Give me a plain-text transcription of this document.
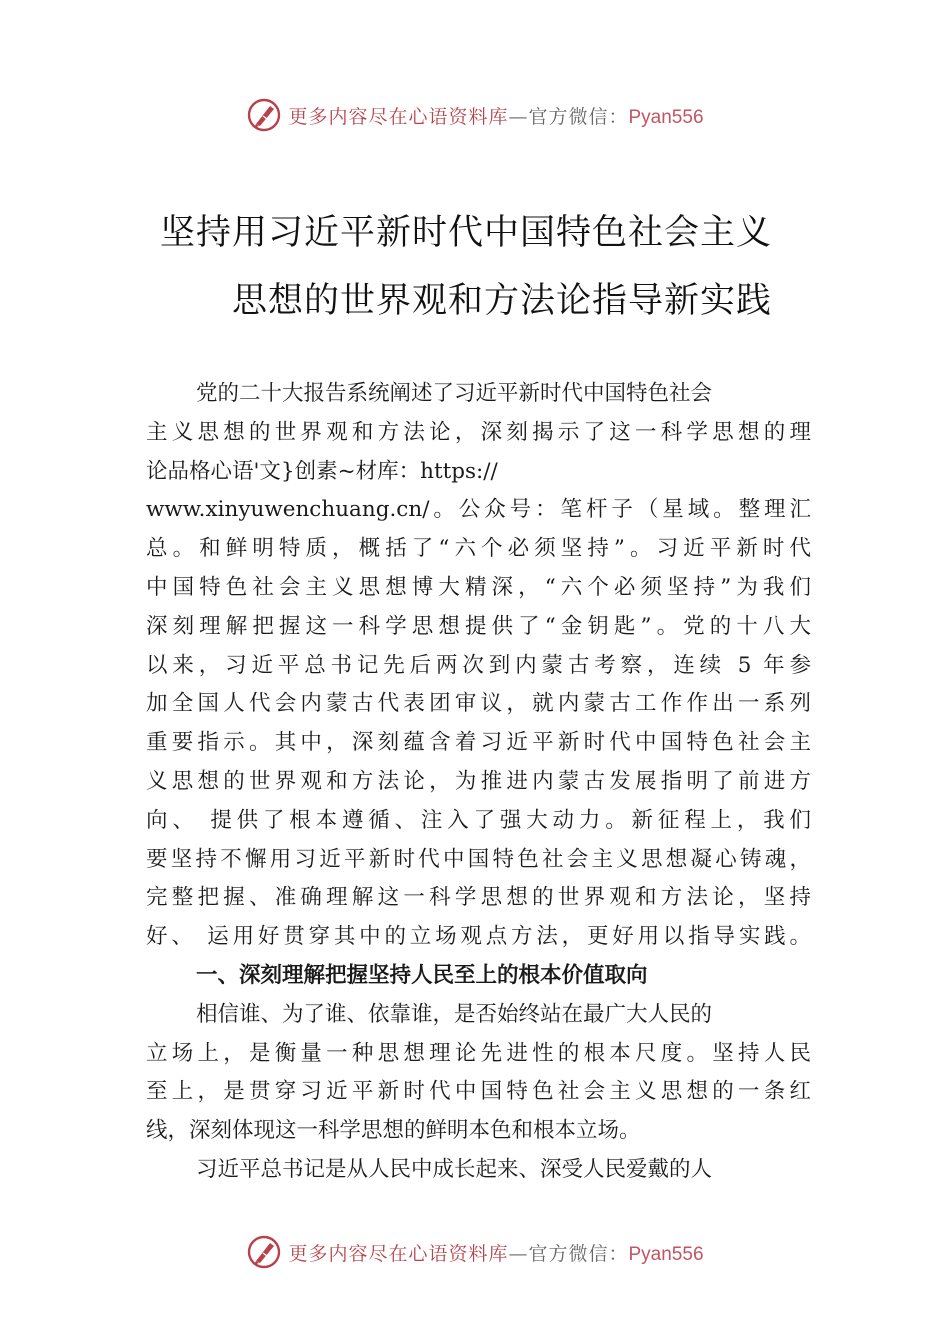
更多内容尽在心语资料库—官方微信：Pyan556
坚持用习近平新时代中国特色社会主义
思想的世界观和方法论指导新实践
党的二十大报告系统阐述了习近平新时代中国特色社会
主义思想的世界观和方法论，深刻揭示了这一科学思想的理
论品格心语'文}创素~材库：https://
www.xinyuwenchuang.cn/。公众号：笔杆子（星域。整理汇
总。和鲜明特质，概括了“六个必须坚持”。习近平新时代
中国特色社会主义思想博大精深，“六个必须坚持”为我们
深刻理解把握这一科学思想提供了“金钥匙”。党的十八大
以来，习近平总书记先后两次到内蒙古考察，连续 5 年参
加全国人代会内蒙古代表团审议，就内蒙古工作作出一系列
重要指示。其中，深刻蕴含着习近平新时代中国特色社会主
义思想的世界观和方法论，为推进内蒙古发展指明了前进方
向、 提供了根本遵循、注入了强大动力。新征程上，我们
要坚持不懈用习近平新时代中国特色社会主义思想凝心铸魂，
完整把握、准确理解这一科学思想的世界观和方法论，坚持
好、 运用好贯穿其中的立场观点方法，更好用以指导实践。
一、深刻理解把握坚持人民至上的根本价值取向
相信谁、为了谁、依靠谁，是否始终站在最广大人民的
立场上，是衡量一种思想理论先进性的根本尺度。坚持人民
至上，是贯穿习近平新时代中国特色社会主义思想的一条红
线，深刻体现这一科学思想的鲜明本色和根本立场。
习近平总书记是从人民中成长起来、深受人民爱戴的人
更多内容尽在心语资料库—官方微信：Pyan556
